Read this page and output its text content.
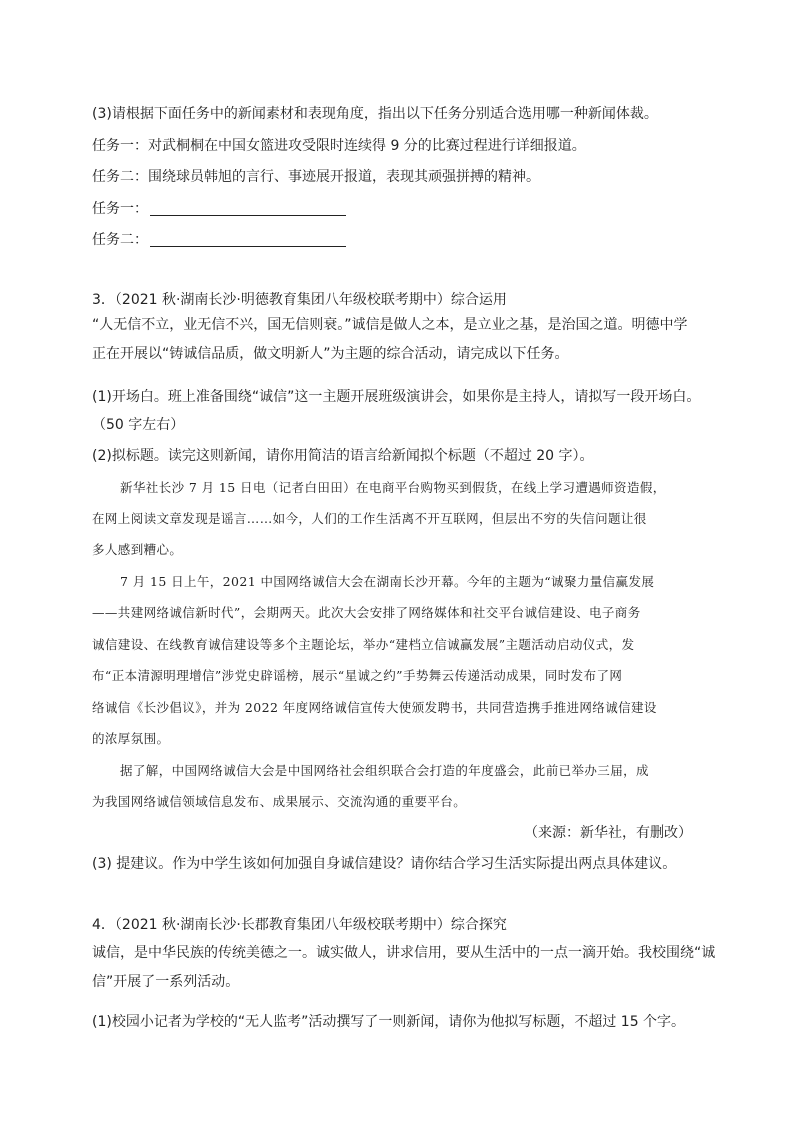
(3)请根据下面任务中的新闻素材和表现角度，指出以下任务分别适合选用哪一种新闻体裁。
任务一：对武桐桐在中国女篮进攻受限时连续得 9 分的比赛过程进行详细报道。
任务二：围绕球员韩旭的言行、事迹展开报道，表现其顽强拼搏的精神。
任务一：
任务二：
3．（2021 秋·湖南长沙·明德教育集团八年级校联考期中）综合运用
“人无信不立，业无信不兴，国无信则衰。”诚信是做人之本，是立业之基，是治国之道。明德中学
正在开展以“铸诚信品质，做文明新人”为主题的综合活动，请完成以下任务。
(1)开场白。班上准备围绕“诚信”这一主题开展班级演讲会，如果你是主持人，请拟写一段开场白。
（50 字左右）
(2)拟标题。读完这则新闻，请你用简洁的语言给新闻拟个标题（不超过 20 字）。
新华社长沙 7 月 15 日电（记者白田田）在电商平台购物买到假货，在线上学习遭遇师资造假，
在网上阅读文章发现是谣言……如今，人们的工作生活离不开互联网，但层出不穷的失信问题让很
多人感到糟心。
7 月 15 日上午，2021 中国网络诚信大会在湖南长沙开幕。今年的主题为“诚聚力量信赢发展
——共建网络诚信新时代”，会期两天。此次大会安排了网络媒体和社交平台诚信建设、电子商务
诚信建设、在线教育诚信建设等多个主题论坛，举办“建档立信诚赢发展”主题活动启动仪式，发
布“正本清源明理增信”涉党史辟谣榜，展示“星诚之约”手势舞云传递活动成果，同时发布了网
络诚信《长沙倡议》，并为 2022 年度网络诚信宣传大使颁发聘书，共同营造携手推进网络诚信建设
的浓厚氛围。
据了解，中国网络诚信大会是中国网络社会组织联合会打造的年度盛会，此前已举办三届，成
为我国网络诚信领域信息发布、成果展示、交流沟通的重要平台。
（来源：新华社，有删改）
(3) 提建议。作为中学生该如何加强自身诚信建设？请你结合学习生活实际提出两点具体建议。
4．（2021 秋·湖南长沙·长郡教育集团八年级校联考期中）综合探究
诚信，是中华民族的传统美德之一。诚实做人，讲求信用，要从生活中的一点一滴开始。我校围绕“诚
信”开展了一系列活动。
(1)校园小记者为学校的“无人监考”活动撰写了一则新闻，请你为他拟写标题，不超过 15 个字。
